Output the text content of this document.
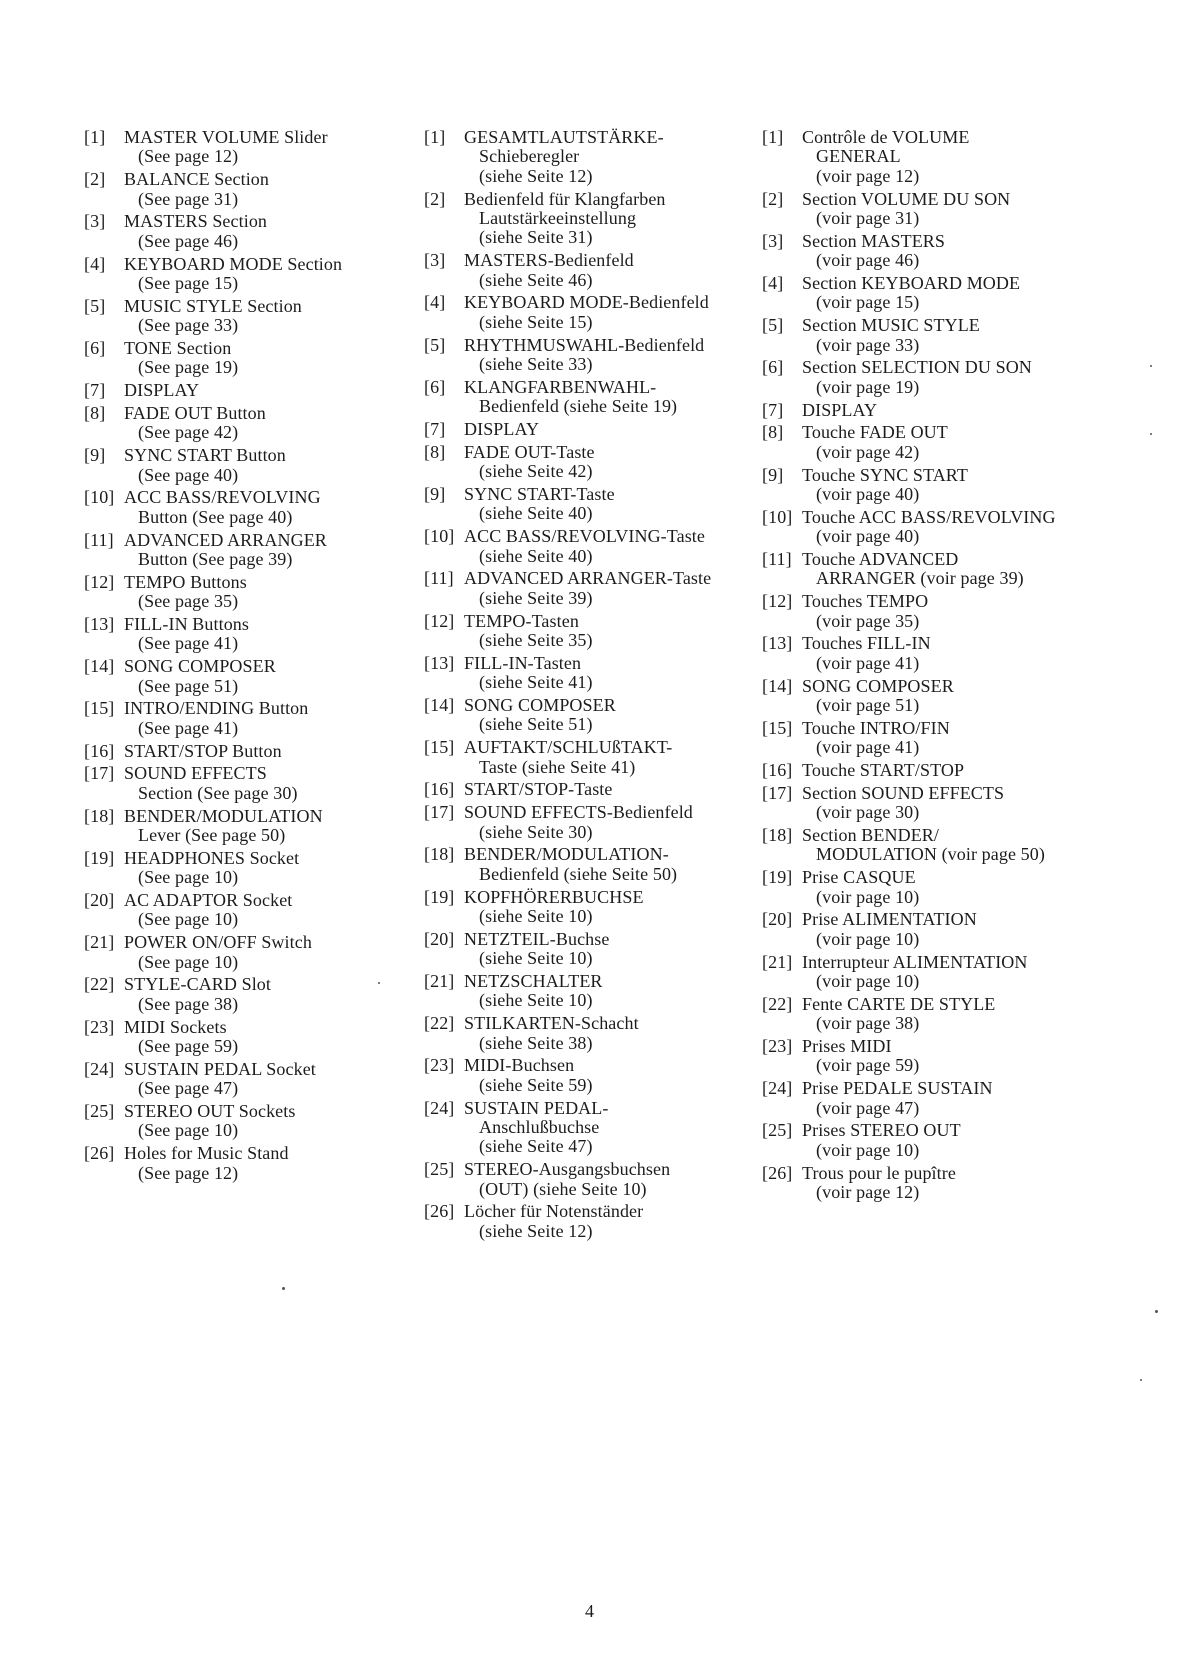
[1] MASTER VOLUME Slider
(See page 12)
[2] BALANCE Section
(See page 31)
[3] MASTERS Section
(See page 46)
[4] KEYBOARD MODE Section
(See page 15)
[5] MUSIC STYLE Section
(See page 33)
[6] TONE Section
(See page 19)
[7] DISPLAY
[8] FADE OUT Button
(See page 42)
[9] SYNC START Button
(See page 40)
[10] ACC BASS/REVOLVING
Button (See page 40)
[11] ADVANCED ARRANGER
Button (See page 39)
[12] TEMPO Buttons
(See page 35)
[13] FILL-IN Buttons
(See page 41)
[14] SONG COMPOSER
(See page 51)
[15] INTRO/ENDING Button
(See page 41)
[16] START/STOP Button
[17] SOUND EFFECTS
Section (See page 30)
[18] BENDER/MODULATION
Lever (See page 50)
[19] HEADPHONES Socket
(See page 10)
[20] AC ADAPTOR Socket
(See page 10)
[21] POWER ON/OFF Switch
(See page 10)
[22] STYLE-CARD Slot
(See page 38)
[23] MIDI Sockets
(See page 59)
[24] SUSTAIN PEDAL Socket
(See page 47)
[25] STEREO OUT Sockets
(See page 10)
[26] Holes for Music Stand
(See page 12)
[1] GESAMTLAUTSTÄRKE-
Schieberegler
(siehe Seite 12)
[2] Bedienfeld für Klangfarben
Lautstärkeeinstellung
(siehe Seite 31)
[3] MASTERS-Bedienfeld
(siehe Seite 46)
[4] KEYBOARD MODE-Bedienfeld
(siehe Seite 15)
[5] RHYTHMUSWAHL-Bedienfeld
(siehe Seite 33)
[6] KLANGFARBENWAHL-
Bedienfeld (siehe Seite 19)
[7] DISPLAY
[8] FADE OUT-Taste
(siehe Seite 42)
[9] SYNC START-Taste
(siehe Seite 40)
[10] ACC BASS/REVOLVING-Taste
(siehe Seite 40)
[11] ADVANCED ARRANGER-Taste
(siehe Seite 39)
[12] TEMPO-Tasten
(siehe Seite 35)
[13] FILL-IN-Tasten
(siehe Seite 41)
[14] SONG COMPOSER
(siehe Seite 51)
[15] AUFTAKT/SCHLUßTAKT-
Taste (siehe Seite 41)
[16] START/STOP-Taste
[17] SOUND EFFECTS-Bedienfeld
(siehe Seite 30)
[18] BENDER/MODULATION-
Bedienfeld (siehe Seite 50)
[19] KOPFHÖRERBUCHSE
(siehe Seite 10)
[20] NETZTEIL-Buchse
(siehe Seite 10)
[21] NETZSCHALTER
(siehe Seite 10)
[22] STILKARTEN-Schacht
(siehe Seite 38)
[23] MIDI-Buchsen
(siehe Seite 59)
[24] SUSTAIN PEDAL-
Anschlußbuchse
(siehe Seite 47)
[25] STEREO-Ausgangsbuchsen
(OUT) (siehe Seite 10)
[26] Löcher für Notenständer
(siehe Seite 12)
[1] Contrôle de VOLUME
GENERAL
(voir page 12)
[2] Section VOLUME DU SON
(voir page 31)
[3] Section MASTERS
(voir page 46)
[4] Section KEYBOARD MODE
(voir page 15)
[5] Section MUSIC STYLE
(voir page 33)
[6] Section SELECTION DU SON
(voir page 19)
[7] DISPLAY
[8] Touche FADE OUT
(voir page 42)
[9] Touche SYNC START
(voir page 40)
[10] Touche ACC BASS/REVOLVING
(voir page 40)
[11] Touche ADVANCED
ARRANGER (voir page 39)
[12] Touches TEMPO
(voir page 35)
[13] Touches FILL-IN
(voir page 41)
[14] SONG COMPOSER
(voir page 51)
[15] Touche INTRO/FIN
(voir page 41)
[16] Touche START/STOP
[17] Section SOUND EFFECTS
(voir page 30)
[18] Section BENDER/
MODULATION (voir page 50)
[19] Prise CASQUE
(voir page 10)
[20] Prise ALIMENTATION
(voir page 10)
[21] Interrupteur ALIMENTATION
(voir page 10)
[22] Fente CARTE DE STYLE
(voir page 38)
[23] Prises MIDI
(voir page 59)
[24] Prise PEDALE SUSTAIN
(voir page 47)
[25] Prises STEREO OUT
(voir page 10)
[26] Trous pour le pupître
(voir page 12)
4
